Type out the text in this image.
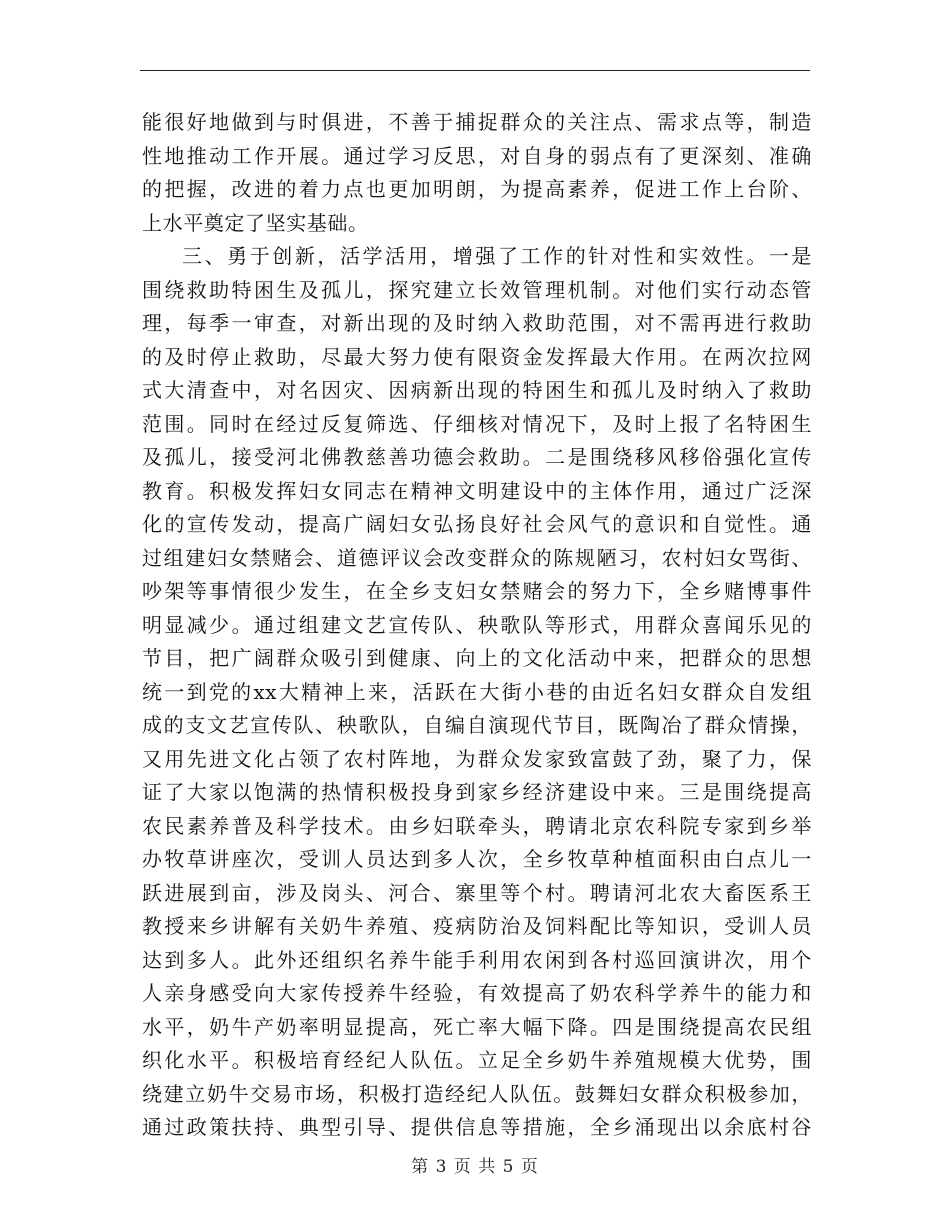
能很好地做到与时俱进，不善于捕捉群众的关注点、需求点等，制造
性地推动工作开展。通过学习反思，对自身的弱点有了更深刻、准确
的把握，改进的着力点也更加明朗，为提高素养，促进工作上台阶、
上水平奠定了坚实基础。
三、勇于创新，活学活用，增强了工作的针对性和实效性。一是
围绕救助特困生及孤儿，探究建立长效管理机制。对他们实行动态管
理，每季一审查，对新出现的及时纳入救助范围，对不需再进行救助
的及时停止救助，尽最大努力使有限资金发挥最大作用。在两次拉网
式大清查中，对名因灾、因病新出现的特困生和孤儿及时纳入了救助
范围。同时在经过反复筛选、仔细核对情况下，及时上报了名特困生
及孤儿，接受河北佛教慈善功德会救助。二是围绕移风移俗强化宣传
教育。积极发挥妇女同志在精神文明建设中的主体作用，通过广泛深
化的宣传发动，提高广阔妇女弘扬良好社会风气的意识和自觉性。通
过组建妇女禁赌会、道德评议会改变群众的陈规陋习，农村妇女骂街、
吵架等事情很少发生，在全乡支妇女禁赌会的努力下，全乡赌博事件
明显减少。通过组建文艺宣传队、秧歌队等形式，用群众喜闻乐见的
节目，把广阔群众吸引到健康、向上的文化活动中来，把群众的思想
统一到党的xx大精神上来，活跃在大街小巷的由近名妇女群众自发组
成的支文艺宣传队、秧歌队，自编自演现代节目，既陶冶了群众情操，
又用先进文化占领了农村阵地，为群众发家致富鼓了劲，聚了力，保
证了大家以饱满的热情积极投身到家乡经济建设中来。三是围绕提高
农民素养普及科学技术。由乡妇联牵头，聘请北京农科院专家到乡举
办牧草讲座次，受训人员达到多人次，全乡牧草种植面积由白点儿一
跃进展到亩，涉及岗头、河合、寨里等个村。聘请河北农大畜医系王
教授来乡讲解有关奶牛养殖、疫病防治及饲料配比等知识，受训人员
达到多人。此外还组织名养牛能手利用农闲到各村巡回演讲次，用个
人亲身感受向大家传授养牛经验，有效提高了奶农科学养牛的能力和
水平，奶牛产奶率明显提高，死亡率大幅下降。四是围绕提高农民组
织化水平。积极培育经纪人队伍。立足全乡奶牛养殖规模大优势，围
绕建立奶牛交易市场，积极打造经纪人队伍。鼓舞妇女群众积极参加，
通过政策扶持、典型引导、提供信息等措施，全乡涌现出以余底村谷
第 3 页 共 5 页
